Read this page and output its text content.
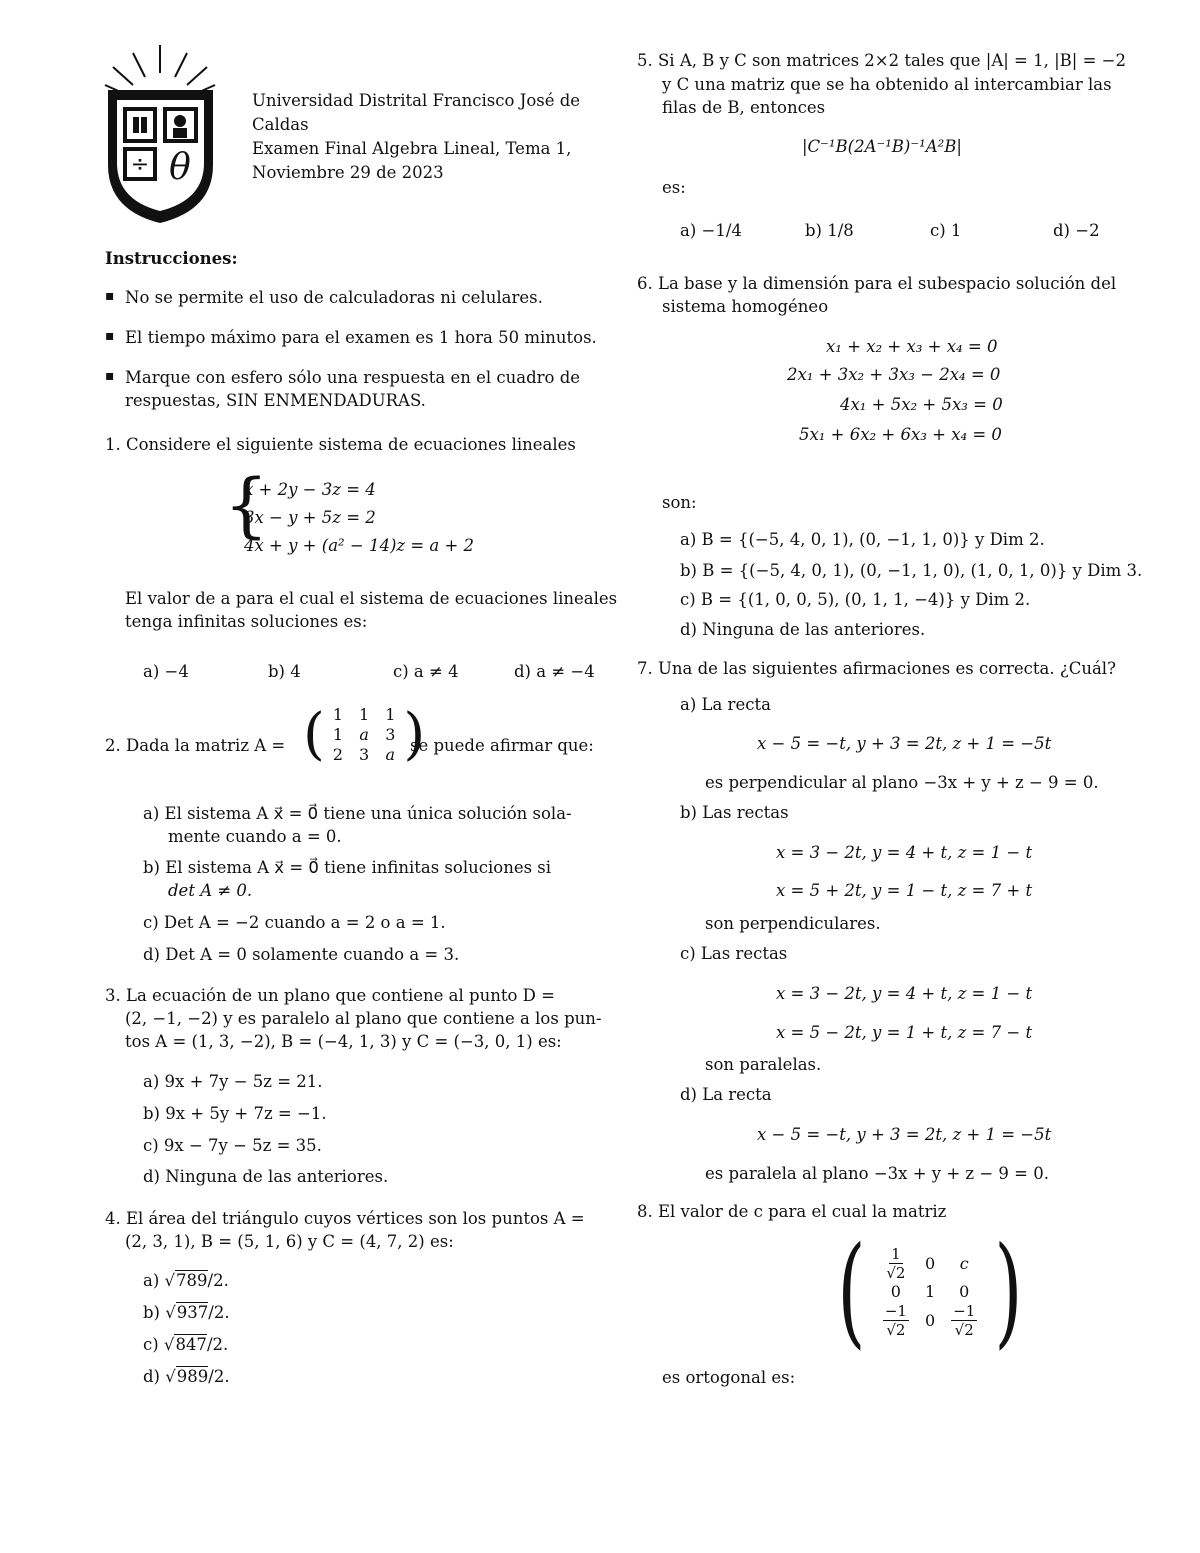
÷ θ
Universidad Distrital Francisco José de
Caldas
Examen Final Algebra Lineal, Tema 1,
Noviembre 29 de 2023
Instrucciones:
▪ No se permite el uso de calculadoras ni celulares.
▪ El tiempo máximo para el examen es 1 hora 50 minutos.
▪ Marque con esfero sólo una respuesta en el cuadro de
respuestas, SIN ENMENDADURAS.
1. Considere el siguiente sistema de ecuaciones lineales
{
x + 2y − 3z = 4
3x − y + 5z = 2
4x + y + (a² − 14)z = a + 2
El valor de a para el cual el sistema de ecuaciones lineales
tenga infinitas soluciones es:
a) −4	b) 4	c) a ≠ 4	d) a ≠ −4
2. Dada la matriz A = ( 1	1	1
1	a	3
2	3	a )
se puede afirmar que:
a) El sistema A x⃗ = 0⃗ tiene una única solución sola-
mente cuando a = 0.
b) El sistema A x⃗ = 0⃗ tiene infinitas soluciones si
det A ≠ 0.
c) Det A = −2 cuando a = 2 o a = 1.
d) Det A = 0 solamente cuando a = 3.
3. La ecuación de un plano que contiene al punto D =
(2, −1, −2) y es paralelo al plano que contiene a los pun-
tos A = (1, 3, −2), B = (−4, 1, 3) y C = (−3, 0, 1) es:
a) 9x + 7y − 5z = 21.
b) 9x + 5y + 7z = −1.
c) 9x − 7y − 5z = 35.
d) Ninguna de las anteriores.
4. El área del triángulo cuyos vértices son los puntos A =
(2, 3, 1), B = (5, 1, 6) y C = (4, 7, 2) es:
a) √789/2.
b) √937/2.
c) √847/2.
d) √989/2.
5. Si A, B y C son matrices 2×2 tales que |A| = 1, |B| = −2
y C una matriz que se ha obtenido al intercambiar las
filas de B, entonces
|C⁻¹B(2A⁻¹B)⁻¹A²B|
es:
a) −1/4	b) 1/8	c) 1	d) −2
6. La base y la dimensión para el subespacio solución del
sistema homogéneo
x₁ + x₂ + x₃ + x₄ = 0
2x₁ + 3x₂ + 3x₃ − 2x₄ = 0
4x₁ + 5x₂ + 5x₃ = 0
5x₁ + 6x₂ + 6x₃ + x₄ = 0
son:
a) B = {(−5, 4, 0, 1), (0, −1, 1, 0)} y Dim 2.
b) B = {(−5, 4, 0, 1), (0, −1, 1, 0), (1, 0, 1, 0)} y Dim 3.
c) B = {(1, 0, 0, 5), (0, 1, 1, −4)} y Dim 2.
d) Ninguna de las anteriores.
7. Una de las siguientes afirmaciones es correcta. ¿Cuál?
a) La recta
x − 5 = −t, y + 3 = 2t, z + 1 = −5t
es perpendicular al plano −3x + y + z − 9 = 0.
b) Las rectas
x = 3 − 2t, y = 4 + t, z = 1 − t
x = 5 + 2t, y = 1 − t, z = 7 + t
son perpendiculares.
c) Las rectas
x = 3 − 2t, y = 4 + t, z = 1 − t
x = 5 − 2t, y = 1 + t, z = 7 − t
son paralelas.
d) La recta
x − 5 = −t, y + 3 = 2t, z + 1 = −5t
es paralela al plano −3x + y + z − 9 = 0.
8. El valor de c para el cual la matriz
( $\frac{1}{√2}$	0	c
0	1	0

$\frac{-1}{√2}$	0	$\frac{-1}{√2}$ )
es ortogonal es:
